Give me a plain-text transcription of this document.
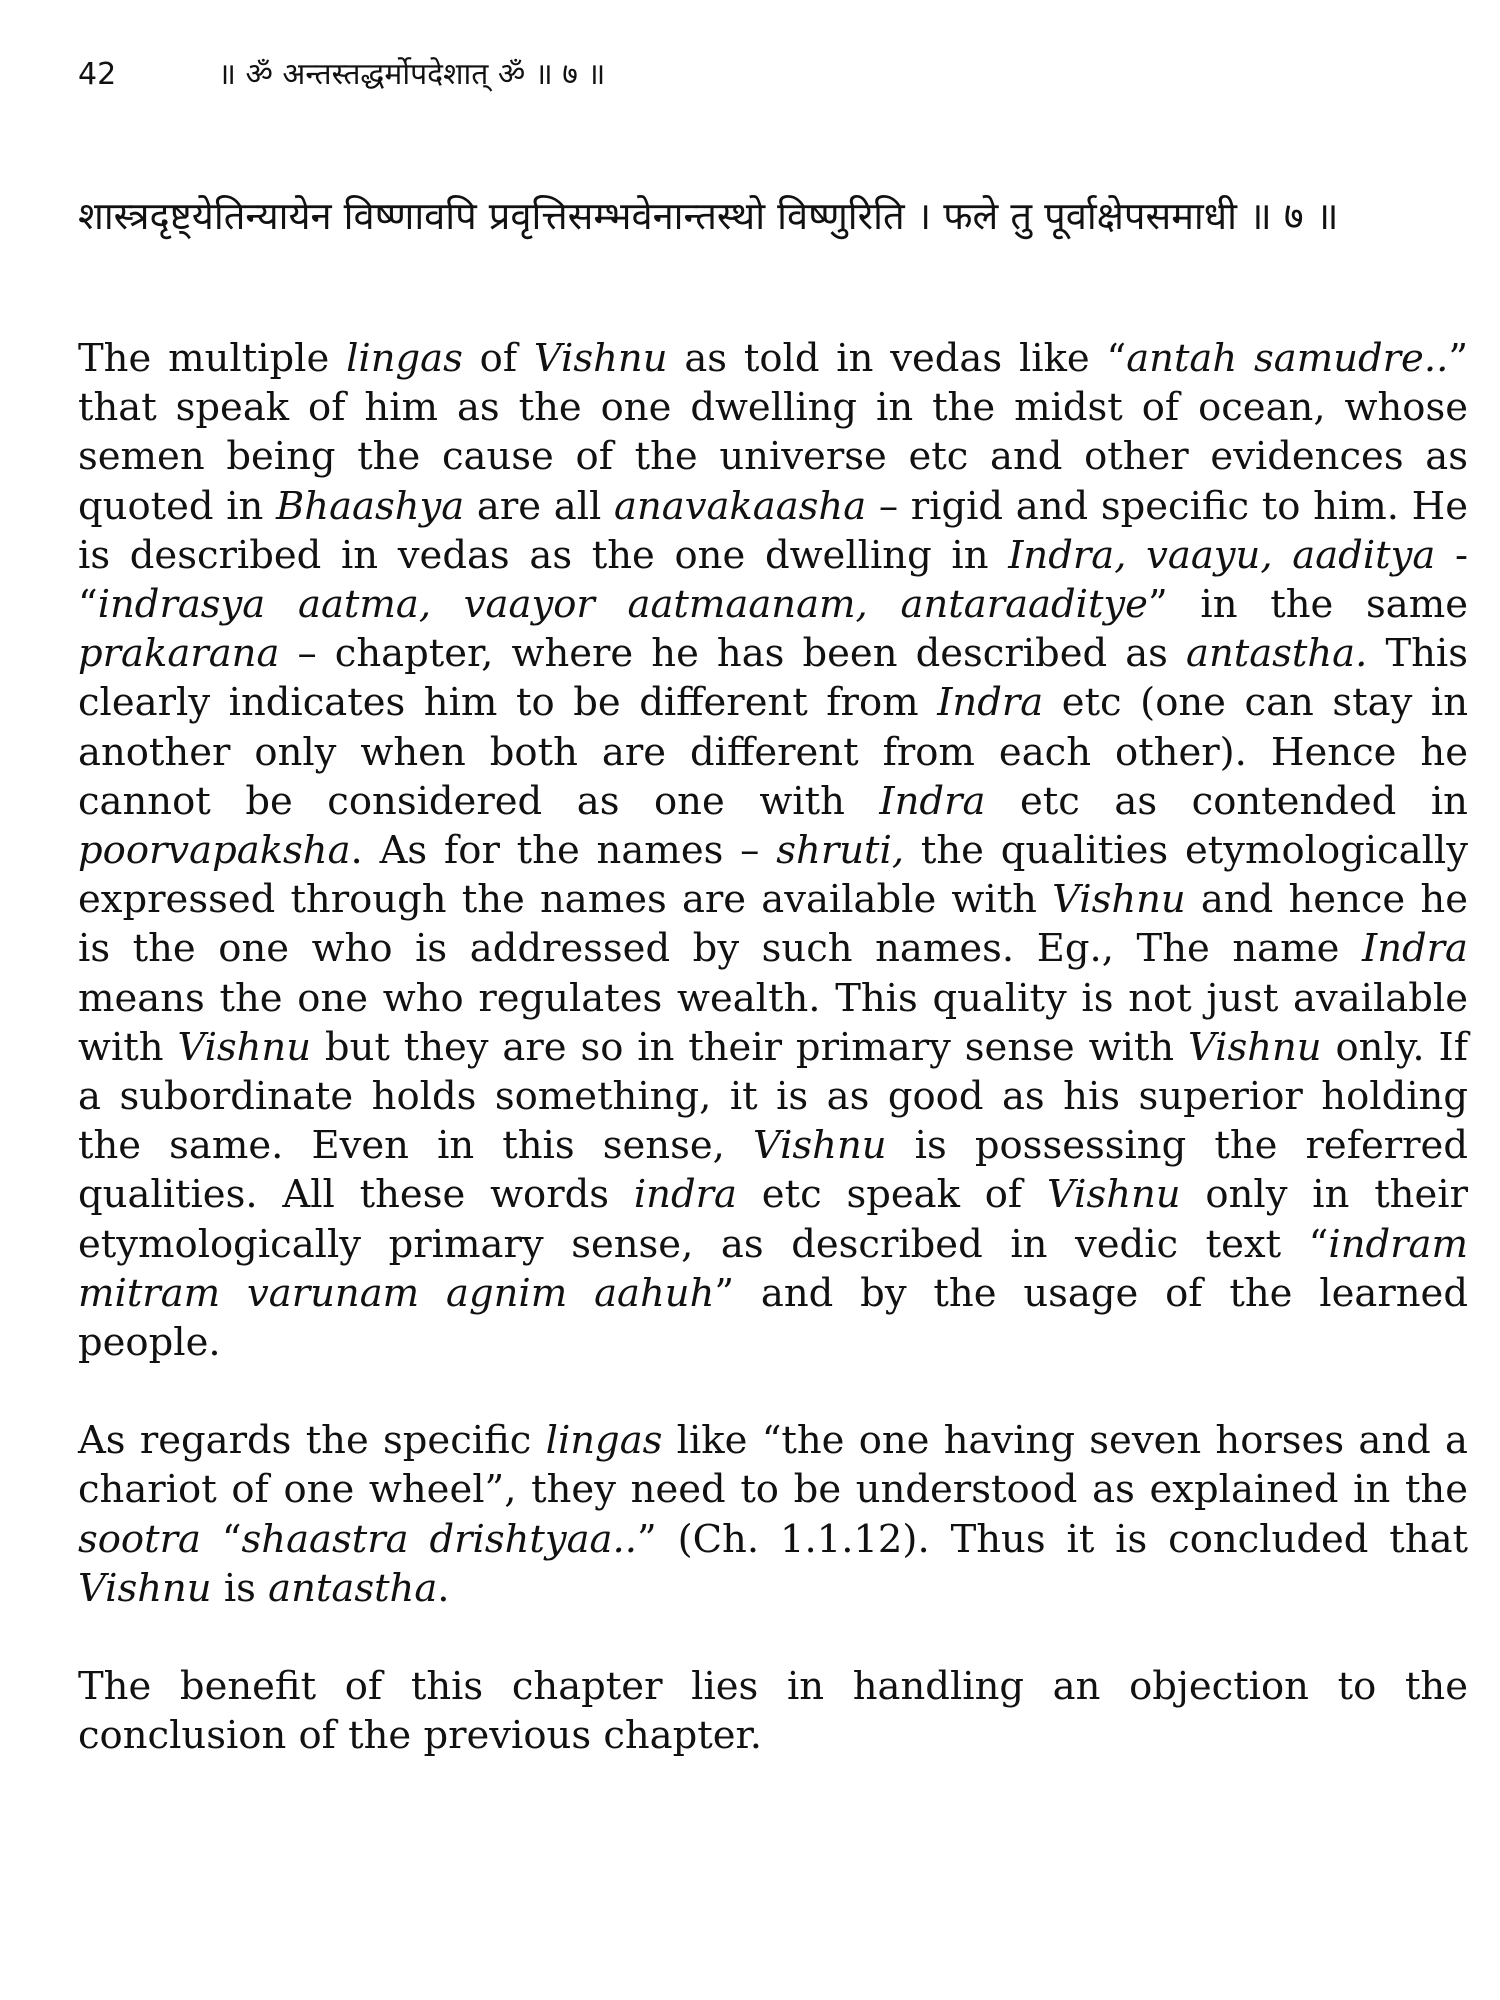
42	॥ ॐ अन्तस्तद्धर्मोपदेशात् ॐ ॥ ७ ॥
शास्त्रदृष्ट्येतिन्यायेन विष्णावपि प्रवृत्तिसम्भवेनान्तस्थो विष्णुरिति । फले तु पूर्वाक्षेपसमाधी ॥ ७ ॥

The multiple lingas of Vishnu as told in vedas like “antah samudre..” that speak of him as the one dwelling in the midst of ocean, whose semen being the cause of the universe etc and other evidences as quoted in Bhaashya are all anavakaasha – rigid and specific to him. He is described in vedas as the one dwelling in Indra, vaayu, aaditya - “indrasya aatma, vaayor aatmaanam, antaraaditye” in the same prakarana – chapter, where he has been described as antastha. This clearly indicates him to be different from Indra etc (one can stay in another only when both are different from each other). Hence he cannot be considered as one with Indra etc as contended in poorvapaksha. As for the names – shruti, the qualities etymologically expressed through the names are available with Vishnu and hence he is the one who is addressed by such names. Eg., The name Indra means the one who regulates wealth. This quality is not just available with Vishnu but they are so in their primary sense with Vishnu only. If a subordinate holds something, it is as good as his superior holding the same. Even in this sense, Vishnu is possessing the referred qualities. All these words indra etc speak of Vishnu only in their etymologically primary sense, as described in vedic text “indram mitram varunam agnim aahuh” and by the usage of the learned people.

As regards the specific lingas like “the one having seven horses and a chariot of one wheel”, they need to be understood as explained in the sootra “shaastra drishtyaa..” (Ch. 1.1.12). Thus it is concluded that Vishnu is antastha.

The benefit of this chapter lies in handling an objection to the conclusion of the previous chapter.
